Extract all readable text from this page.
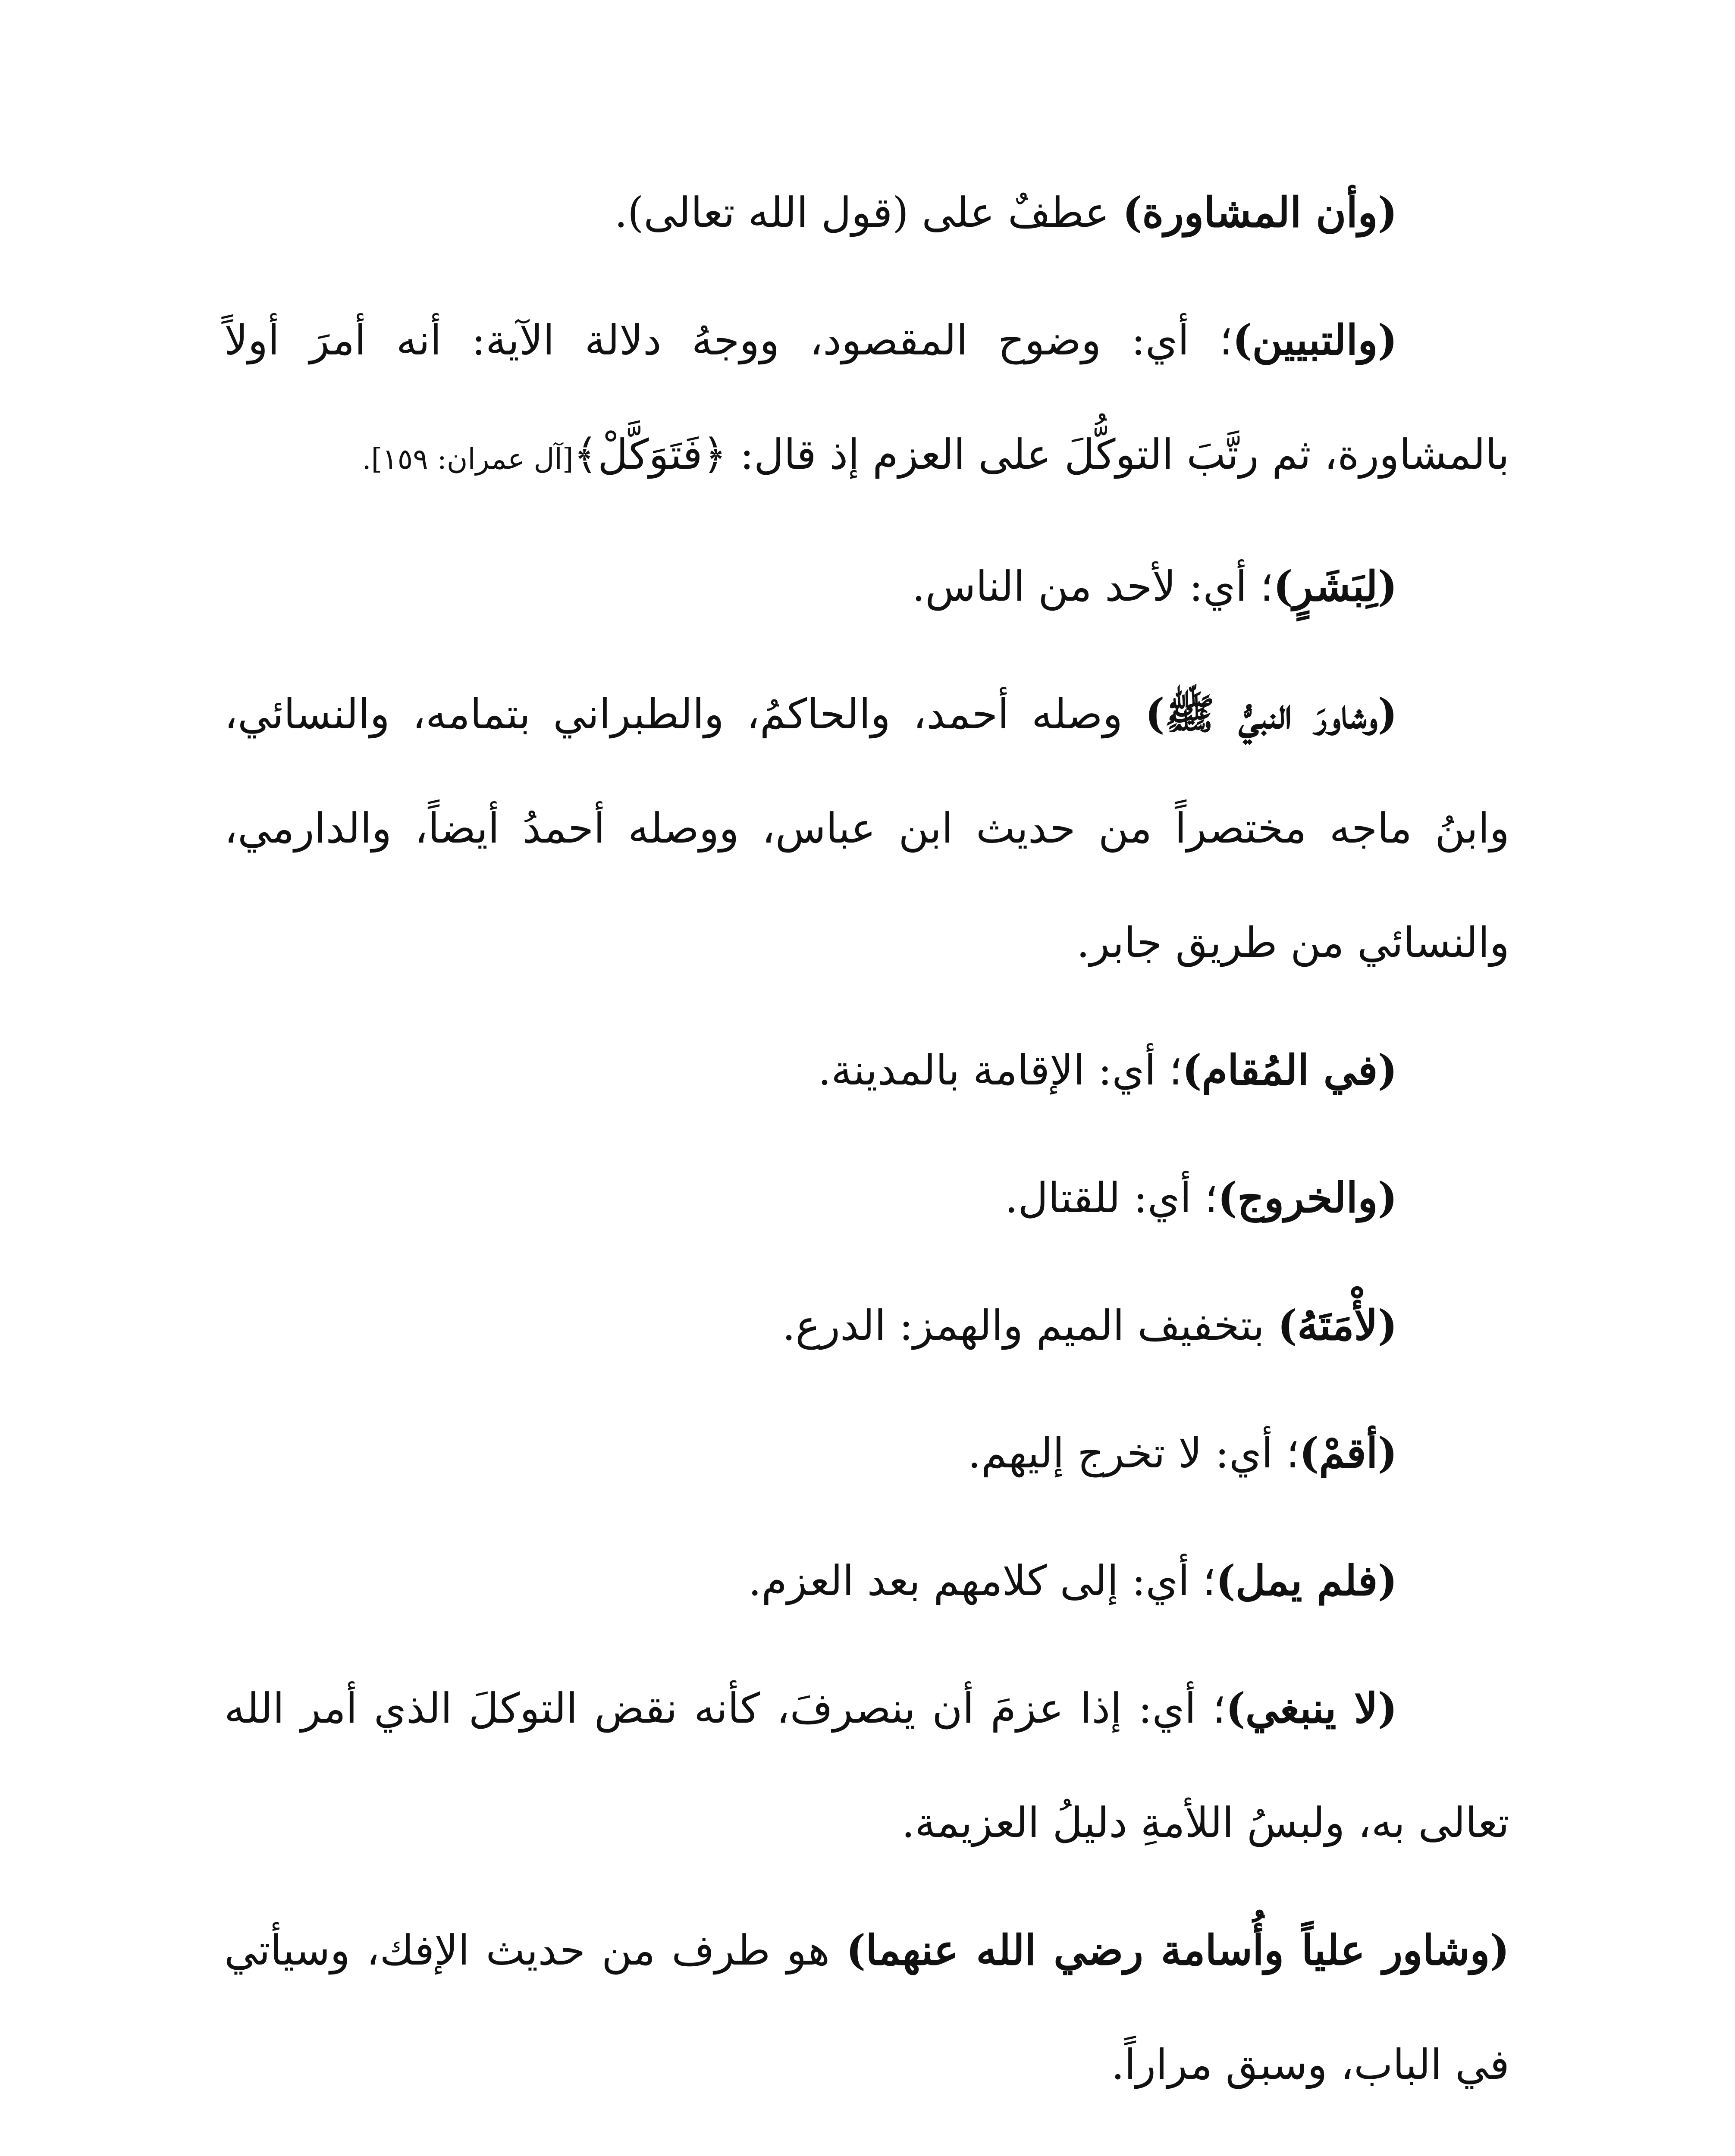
(وأن المشاورة) عطفٌ على (قول الله تعالى).

(والتبيين)؛ أي: وضوح المقصود، ووجهُ دلالة الآية: أنه أمرَ أولاً بالمشاورة، ثم رتَّبَ التوكُّلَ على العزم إذ قال: ﴿فَتَوَكَّلْ﴾[آل عمران: ١٥٩].

(لِبَشَرٍ)؛ أي: لأحد من الناس.

(وشاورَ النبيُّ ﷺ) وصله أحمد، والحاكمُ، والطبراني بتمامه، والنسائي، وابنُ ماجه مختصراً من حديث ابن عباس، ووصله أحمدُ أيضاً، والدارمي، والنسائي من طريق جابر.

(في المُقام)؛ أي: الإقامة بالمدينة.

(والخروج)؛ أي: للقتال.

(لأْمَتَهُ) بتخفيف الميم والهمز: الدرع.

(أقمْ)؛ أي: لا تخرج إليهم.

(فلم يمل)؛ أي: إلى كلامهم بعد العزم.

(لا ينبغي)؛ أي: إذا عزمَ أن ينصرفَ، كأنه نقض التوكلَ الذي أمر الله تعالى به، ولبسُ اللأمةِ دليلُ العزيمة.

(وشاور علياً وأُسامة رضي الله عنهما) هو طرف من حديث الإفك، وسيأتي في الباب، وسبق مراراً.
